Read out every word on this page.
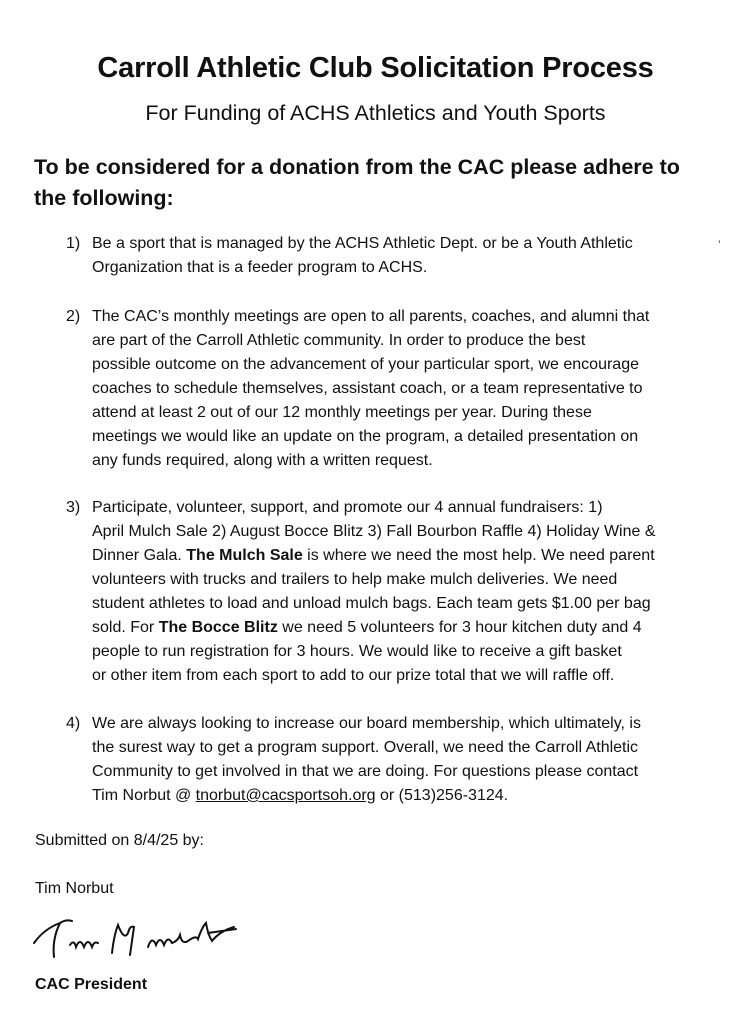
Carroll Athletic Club Solicitation Process
For Funding of ACHS Athletics and Youth Sports
To be considered for a donation from the CAC please adhere to
the following:
’
1) Be a sport that is managed by the ACHS Athletic Dept. or be a Youth Athletic
Organization that is a feeder program to ACHS.
2) The CAC’s monthly meetings are open to all parents, coaches, and alumni that
are part of the Carroll Athletic community. In order to produce the best
possible outcome on the advancement of your particular sport, we encourage
coaches to schedule themselves, assistant coach, or a team representative to
attend at least 2 out of our 12 monthly meetings per year. During these
meetings we would like an update on the program, a detailed presentation on
any funds required, along with a written request.
3) Participate, volunteer, support, and promote our 4 annual fundraisers: 1)
April Mulch Sale 2) August Bocce Blitz 3) Fall Bourbon Raffle 4) Holiday Wine &
Dinner Gala. The Mulch Sale is where we need the most help. We need parent
volunteers with trucks and trailers to help make mulch deliveries. We need
student athletes to load and unload mulch bags. Each team gets $1.00 per bag
sold. For The Bocce Blitz we need 5 volunteers for 3 hour kitchen duty and 4
people to run registration for 3 hours. We would like to receive a gift basket
or other item from each sport to add to our prize total that we will raffle off.
4) We are always looking to increase our board membership, which ultimately, is
the surest way to get a program support. Overall, we need the Carroll Athletic
Community to get involved in that we are doing. For questions please contact
Tim Norbut @ tnorbut@cacsportsoh.org or (513)256-3124.
Submitted on 8/4/25 by:
Tim Norbut
CAC President
